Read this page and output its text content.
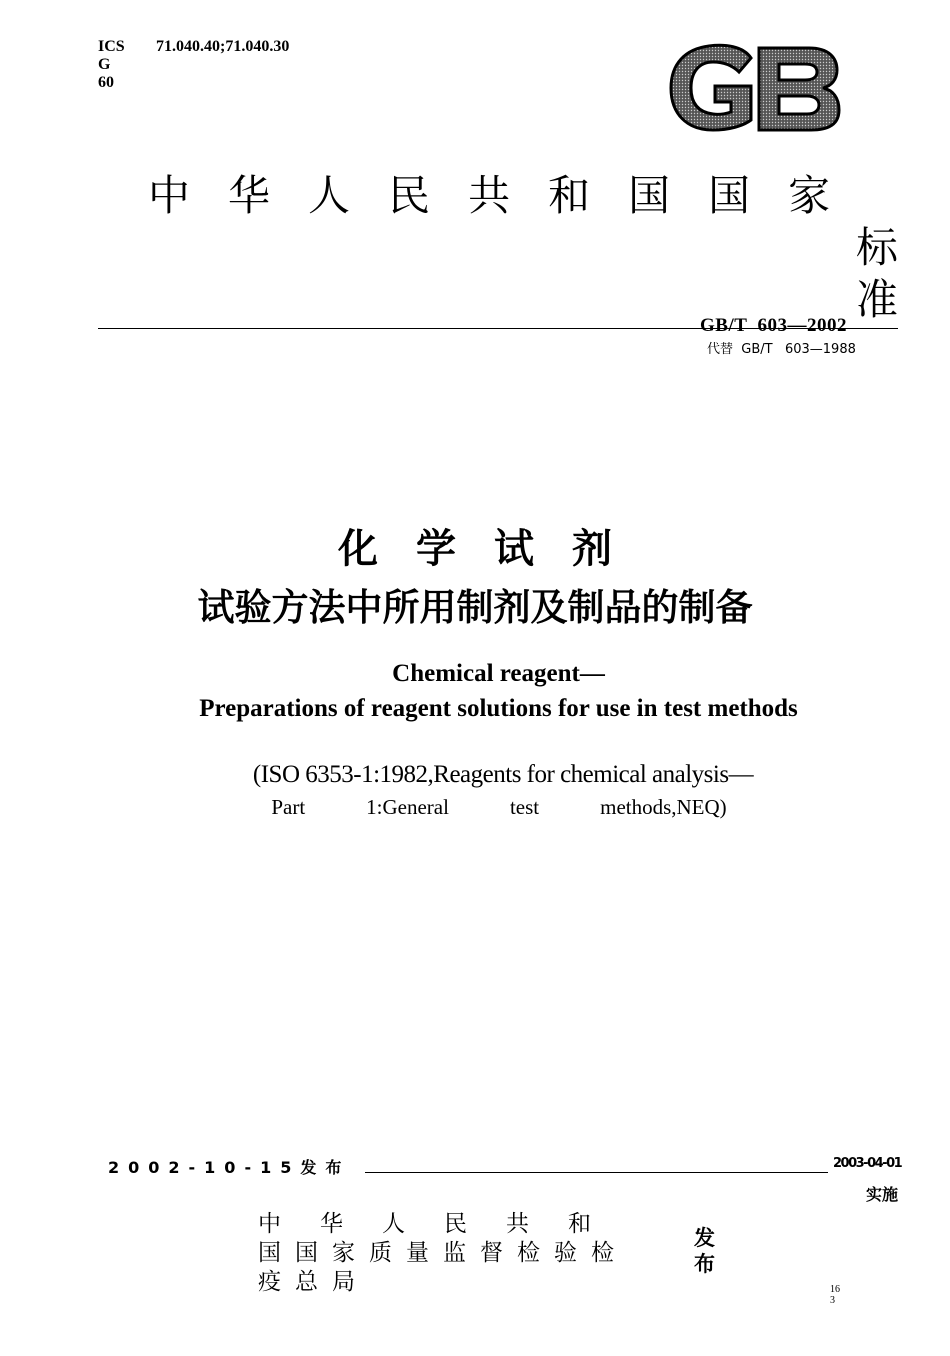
ICS	71.040.40;71.040.30
G
60
中 华 人 民 共 和 国 国 家标
准
GB/T  603—2002
代替  GB/T   603—1988
化学试剂
试验方法中所用制剂及制品的制备
Chemical reagent—
Preparations of reagent solutions for use in test methods
(ISO 6353-1:1982,Reagents for chemical analysis—
Part    1:General    test    methods,NEQ)
2002-10-15发布	2003-04-01
实施
中华人民共和
国国家质量监督检验检
疫总局
发布
163
